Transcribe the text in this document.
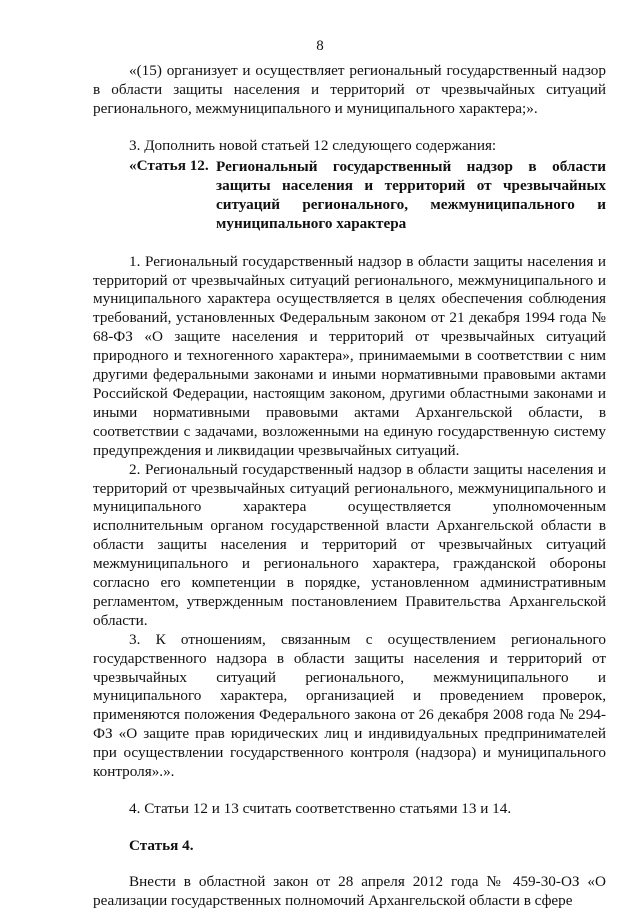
8

«(15) организует и осуществляет региональный государственный надзор в области защиты населения и территорий от чрезвычайных ситуаций регионального, межмуниципального и муниципального характера;».

3. Дополнить новой статьей 12 следующего содержания:

«Статья 12. Региональный государственный надзор в области защиты населения и территорий от чрезвычайных ситуаций регионального, межмуниципального и муниципального характера

1. Региональный государственный надзор в области защиты населения и территорий от чрезвычайных ситуаций регионального, межмуниципального и муниципального характера осуществляется в целях обеспечения соблюдения требований, установленных Федеральным законом от 21 декабря 1994 года № 68-ФЗ «О защите населения и территорий от чрезвычайных ситуаций природного и техногенного характера», принимаемыми в соответствии с ним другими федеральными законами и иными нормативными правовыми актами Российской Федерации, настоящим законом, другими областными законами и иными нормативными правовыми актами Архангельской области, в соответствии с задачами, возложенными на единую государственную систему предупреждения и ликвидации чрезвычайных ситуаций.

2. Региональный государственный надзор в области защиты населения и территорий от чрезвычайных ситуаций регионального, межмуниципального и муниципального характера осуществляется уполномоченным исполнительным органом государственной власти Архангельской области в области защиты населения и территорий от чрезвычайных ситуаций межмуниципального и регионального характера, гражданской обороны согласно его компетенции в порядке, установленном административным регламентом, утвержденным постановлением Правительства Архангельской области.

3. К отношениям, связанным с осуществлением регионального государственного надзора в области защиты населения и территорий от чрезвычайных ситуаций регионального, межмуниципального и муниципального характера, организацией и проведением проверок, применяются положения Федерального закона от 26 декабря 2008 года № 294-ФЗ «О защите прав юридических лиц и индивидуальных предпринимателей при осуществлении государственного контроля (надзора) и муниципального контроля».».

4. Статьи 12 и 13 считать соответственно статьями 13 и 14.

Статья 4.

Внести в областной закон от 28 апреля 2012 года № 459-30-ОЗ «О реализации государственных полномочий Архангельской области в сфере
